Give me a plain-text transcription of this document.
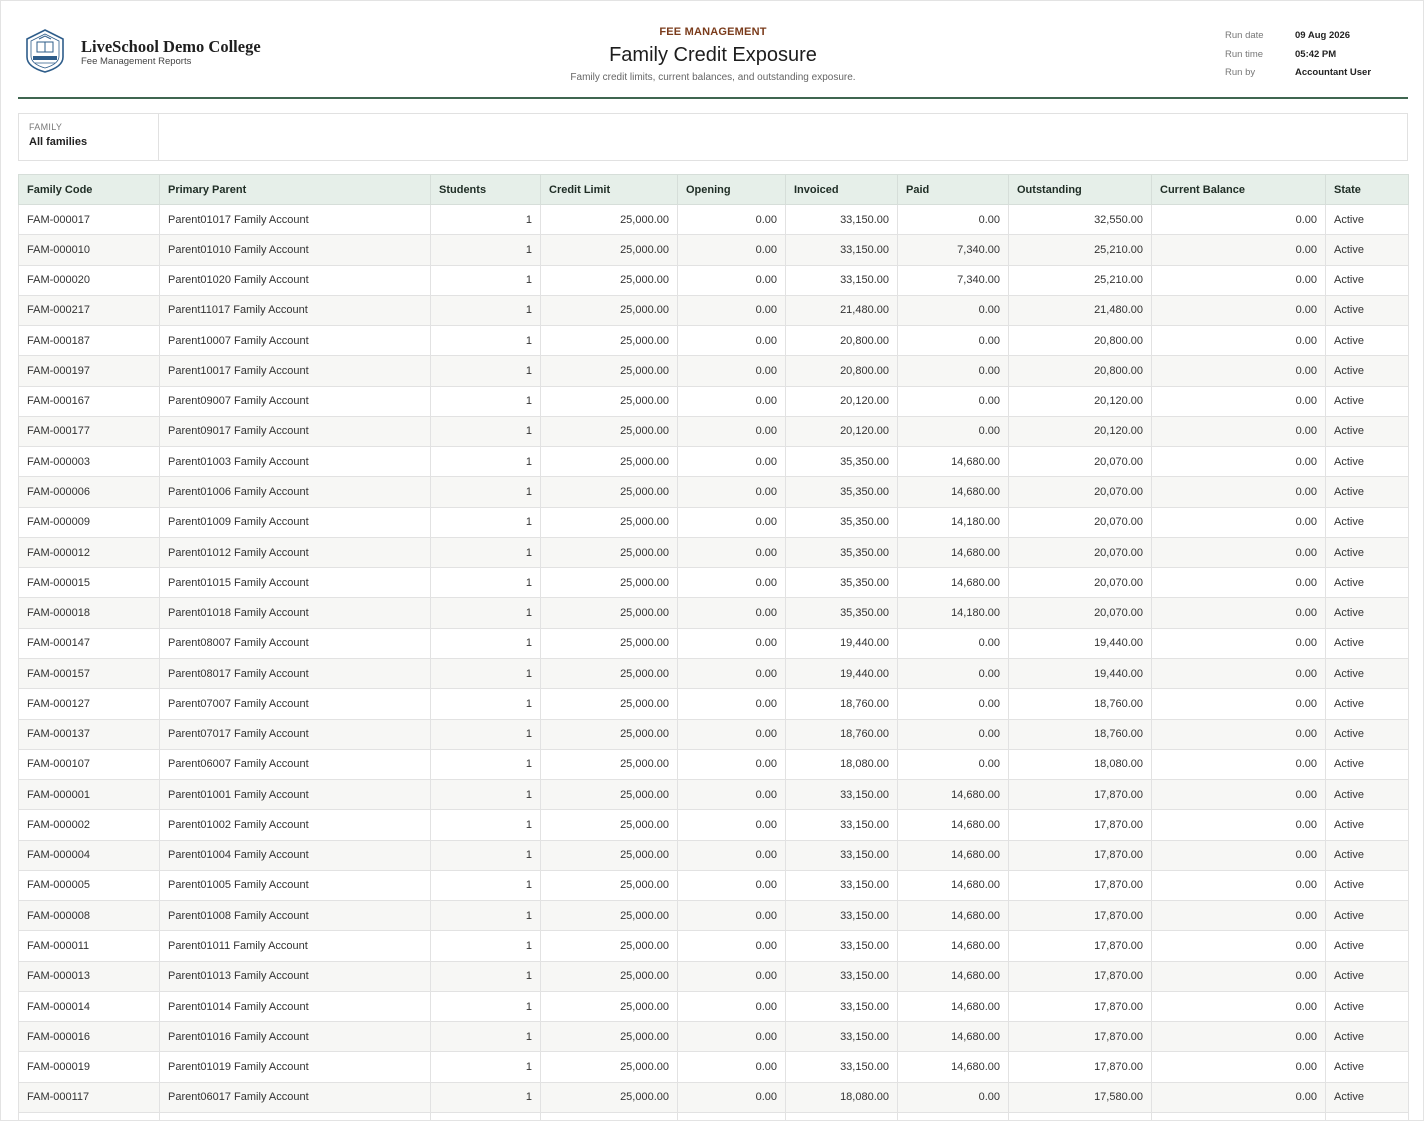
LiveSchool Demo College
Fee Management Reports
FEE MANAGEMENT
Family Credit Exposure
Family credit limits, current balances, and outstanding exposure.
Run date	09 Aug 2026
Run time	05:42 PM
Run by	Accountant User
FAMILY
All families
Family Code	Primary Parent	Students	Credit Limit	Opening	Invoiced	Paid	Outstanding	Current Balance	State
FAM-000017	Parent01017 Family Account	1	25,000.00	0.00	33,150.00	0.00	32,550.00	0.00	Active
FAM-000010	Parent01010 Family Account	1	25,000.00	0.00	33,150.00	7,340.00	25,210.00	0.00	Active
FAM-000020	Parent01020 Family Account	1	25,000.00	0.00	33,150.00	7,340.00	25,210.00	0.00	Active
FAM-000217	Parent11017 Family Account	1	25,000.00	0.00	21,480.00	0.00	21,480.00	0.00	Active
FAM-000187	Parent10007 Family Account	1	25,000.00	0.00	20,800.00	0.00	20,800.00	0.00	Active
FAM-000197	Parent10017 Family Account	1	25,000.00	0.00	20,800.00	0.00	20,800.00	0.00	Active
FAM-000167	Parent09007 Family Account	1	25,000.00	0.00	20,120.00	0.00	20,120.00	0.00	Active
FAM-000177	Parent09017 Family Account	1	25,000.00	0.00	20,120.00	0.00	20,120.00	0.00	Active
FAM-000003	Parent01003 Family Account	1	25,000.00	0.00	35,350.00	14,680.00	20,070.00	0.00	Active
FAM-000006	Parent01006 Family Account	1	25,000.00	0.00	35,350.00	14,680.00	20,070.00	0.00	Active
FAM-000009	Parent01009 Family Account	1	25,000.00	0.00	35,350.00	14,180.00	20,070.00	0.00	Active
FAM-000012	Parent01012 Family Account	1	25,000.00	0.00	35,350.00	14,680.00	20,070.00	0.00	Active
FAM-000015	Parent01015 Family Account	1	25,000.00	0.00	35,350.00	14,680.00	20,070.00	0.00	Active
FAM-000018	Parent01018 Family Account	1	25,000.00	0.00	35,350.00	14,180.00	20,070.00	0.00	Active
FAM-000147	Parent08007 Family Account	1	25,000.00	0.00	19,440.00	0.00	19,440.00	0.00	Active
FAM-000157	Parent08017 Family Account	1	25,000.00	0.00	19,440.00	0.00	19,440.00	0.00	Active
FAM-000127	Parent07007 Family Account	1	25,000.00	0.00	18,760.00	0.00	18,760.00	0.00	Active
FAM-000137	Parent07017 Family Account	1	25,000.00	0.00	18,760.00	0.00	18,760.00	0.00	Active
FAM-000107	Parent06007 Family Account	1	25,000.00	0.00	18,080.00	0.00	18,080.00	0.00	Active
FAM-000001	Parent01001 Family Account	1	25,000.00	0.00	33,150.00	14,680.00	17,870.00	0.00	Active
FAM-000002	Parent01002 Family Account	1	25,000.00	0.00	33,150.00	14,680.00	17,870.00	0.00	Active
FAM-000004	Parent01004 Family Account	1	25,000.00	0.00	33,150.00	14,680.00	17,870.00	0.00	Active
FAM-000005	Parent01005 Family Account	1	25,000.00	0.00	33,150.00	14,680.00	17,870.00	0.00	Active
FAM-000008	Parent01008 Family Account	1	25,000.00	0.00	33,150.00	14,680.00	17,870.00	0.00	Active
FAM-000011	Parent01011 Family Account	1	25,000.00	0.00	33,150.00	14,680.00	17,870.00	0.00	Active
FAM-000013	Parent01013 Family Account	1	25,000.00	0.00	33,150.00	14,680.00	17,870.00	0.00	Active
FAM-000014	Parent01014 Family Account	1	25,000.00	0.00	33,150.00	14,680.00	17,870.00	0.00	Active
FAM-000016	Parent01016 Family Account	1	25,000.00	0.00	33,150.00	14,680.00	17,870.00	0.00	Active
FAM-000019	Parent01019 Family Account	1	25,000.00	0.00	33,150.00	14,680.00	17,870.00	0.00	Active
FAM-000117	Parent06017 Family Account	1	25,000.00	0.00	18,080.00	0.00	17,580.00	0.00	Active
